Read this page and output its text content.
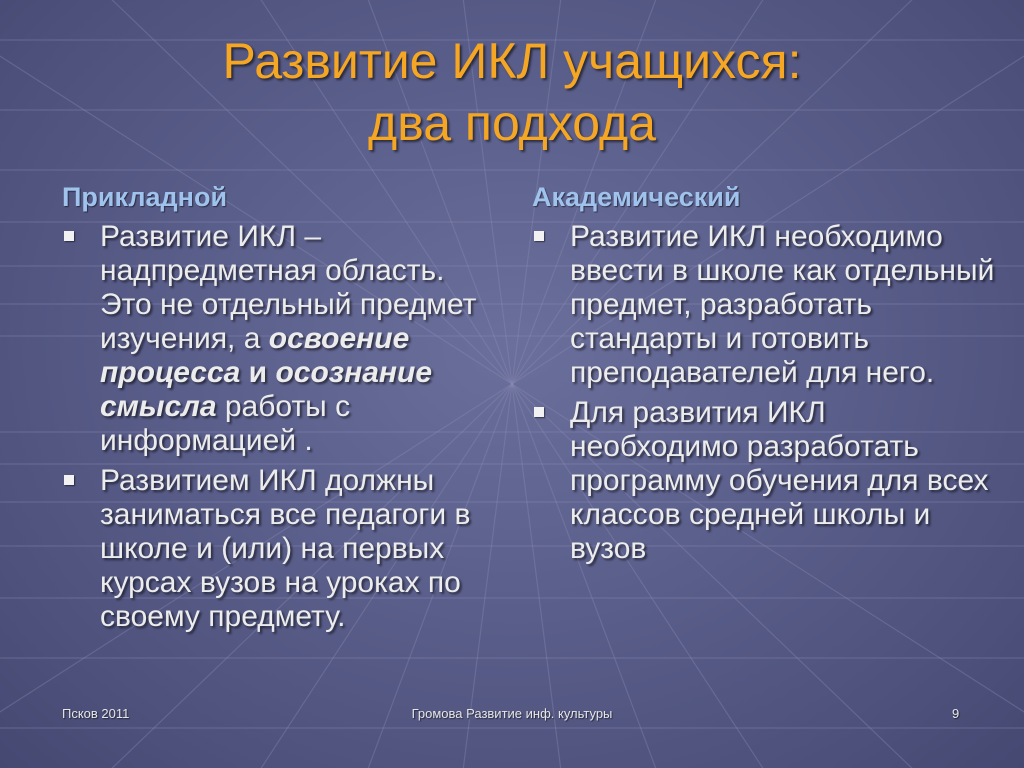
Развитие ИКЛ учащихся:
два подхода
Прикладной
Развитие ИКЛ – надпредметная область. Это не отдельный предмет изучения, а освоение процесса и осознание смысла работы с информацией .
Развитием ИКЛ должны заниматься все педагоги в школе и (или) на первых курсах вузов на уроках по своему предмету.
Академический
Развитие ИКЛ необходимо ввести в школе как отдельный предмет, разработать стандарты и готовить преподавателей для него.
Для развития ИКЛ необходимо разработать программу обучения для всех классов средней школы и вузов
Псков 2011	Громова Развитие инф. культуры	9
